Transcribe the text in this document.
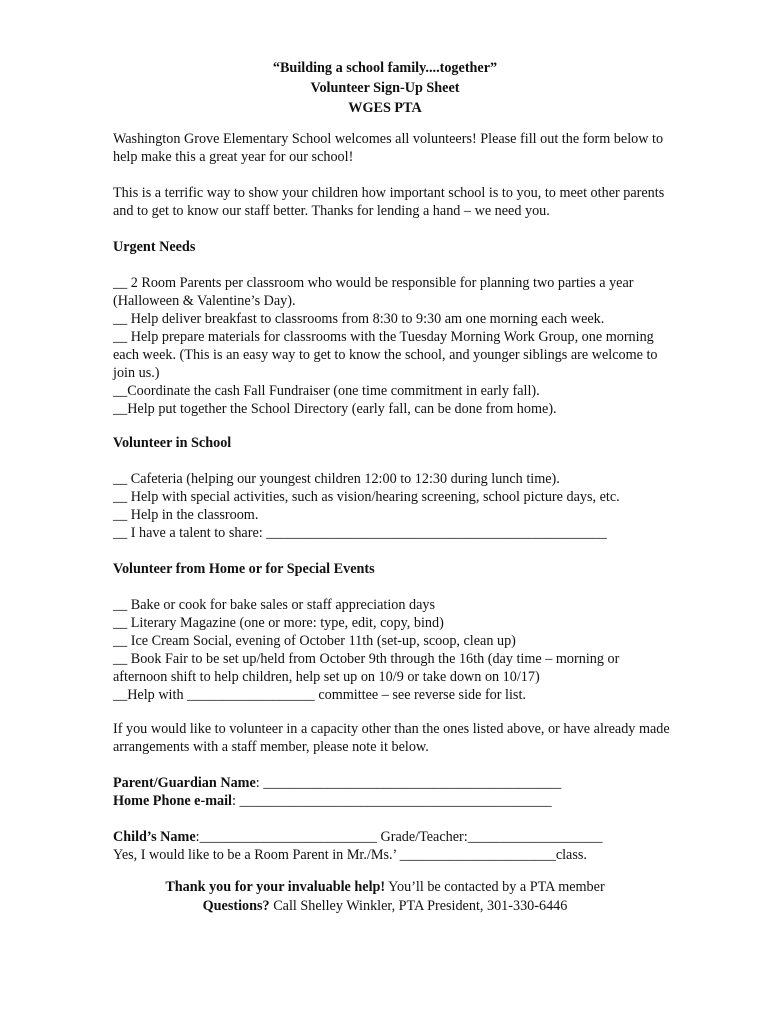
“Building a school family....together”
Volunteer Sign-Up Sheet
WGES PTA

Washington Grove Elementary School welcomes all volunteers! Please fill out the form below to help make this a great year for our school!

This is a terrific way to show your children how important school is to you, to meet other parents and to get to know our staff better. Thanks for lending a hand – we need you.

Urgent Needs

__ 2 Room Parents per classroom who would be responsible for planning two parties a year (Halloween & Valentine’s Day).

__ Help deliver breakfast to classrooms from 8:30 to 9:30 am one morning each week.

__ Help prepare materials for classrooms with the Tuesday Morning Work Group, one morning each week. (This is an easy way to get to know the school, and younger siblings are welcome to join us.)

__Coordinate the cash Fall Fundraiser (one time commitment in early fall).

__Help put together the School Directory (early fall, can be done from home).

Volunteer in School

__ Cafeteria (helping our youngest children 12:00 to 12:30 during lunch time).

__ Help with special activities, such as vision/hearing screening, school picture days, etc.

__ Help in the classroom.

__ I have a talent to share: ________________________________________________

Volunteer from Home or for Special Events

__ Bake or cook for bake sales or staff appreciation days

__ Literary Magazine (one or more: type, edit, copy, bind)

__ Ice Cream Social, evening of October 11th (set-up, scoop, clean up)

__ Book Fair to be set up/held from October 9th through the 16th (day time – morning or afternoon shift to help children, help set up on 10/9 or take down on 10/17)

__Help with __________________ committee – see reverse side for list.

If you would like to volunteer in a capacity other than the ones listed above, or have already made arrangements with a staff member, please note it below.

Parent/Guardian Name: __________________________________________

Home Phone e-mail: ____________________________________________

Child’s Name:_________________________ Grade/Teacher:___________________

Yes, I would like to be a Room Parent in Mr./Ms.’ ______________________class.

Thank you for your invaluable help! You’ll be contacted by a PTA member
Questions? Call Shelley Winkler, PTA President, 301-330-6446
